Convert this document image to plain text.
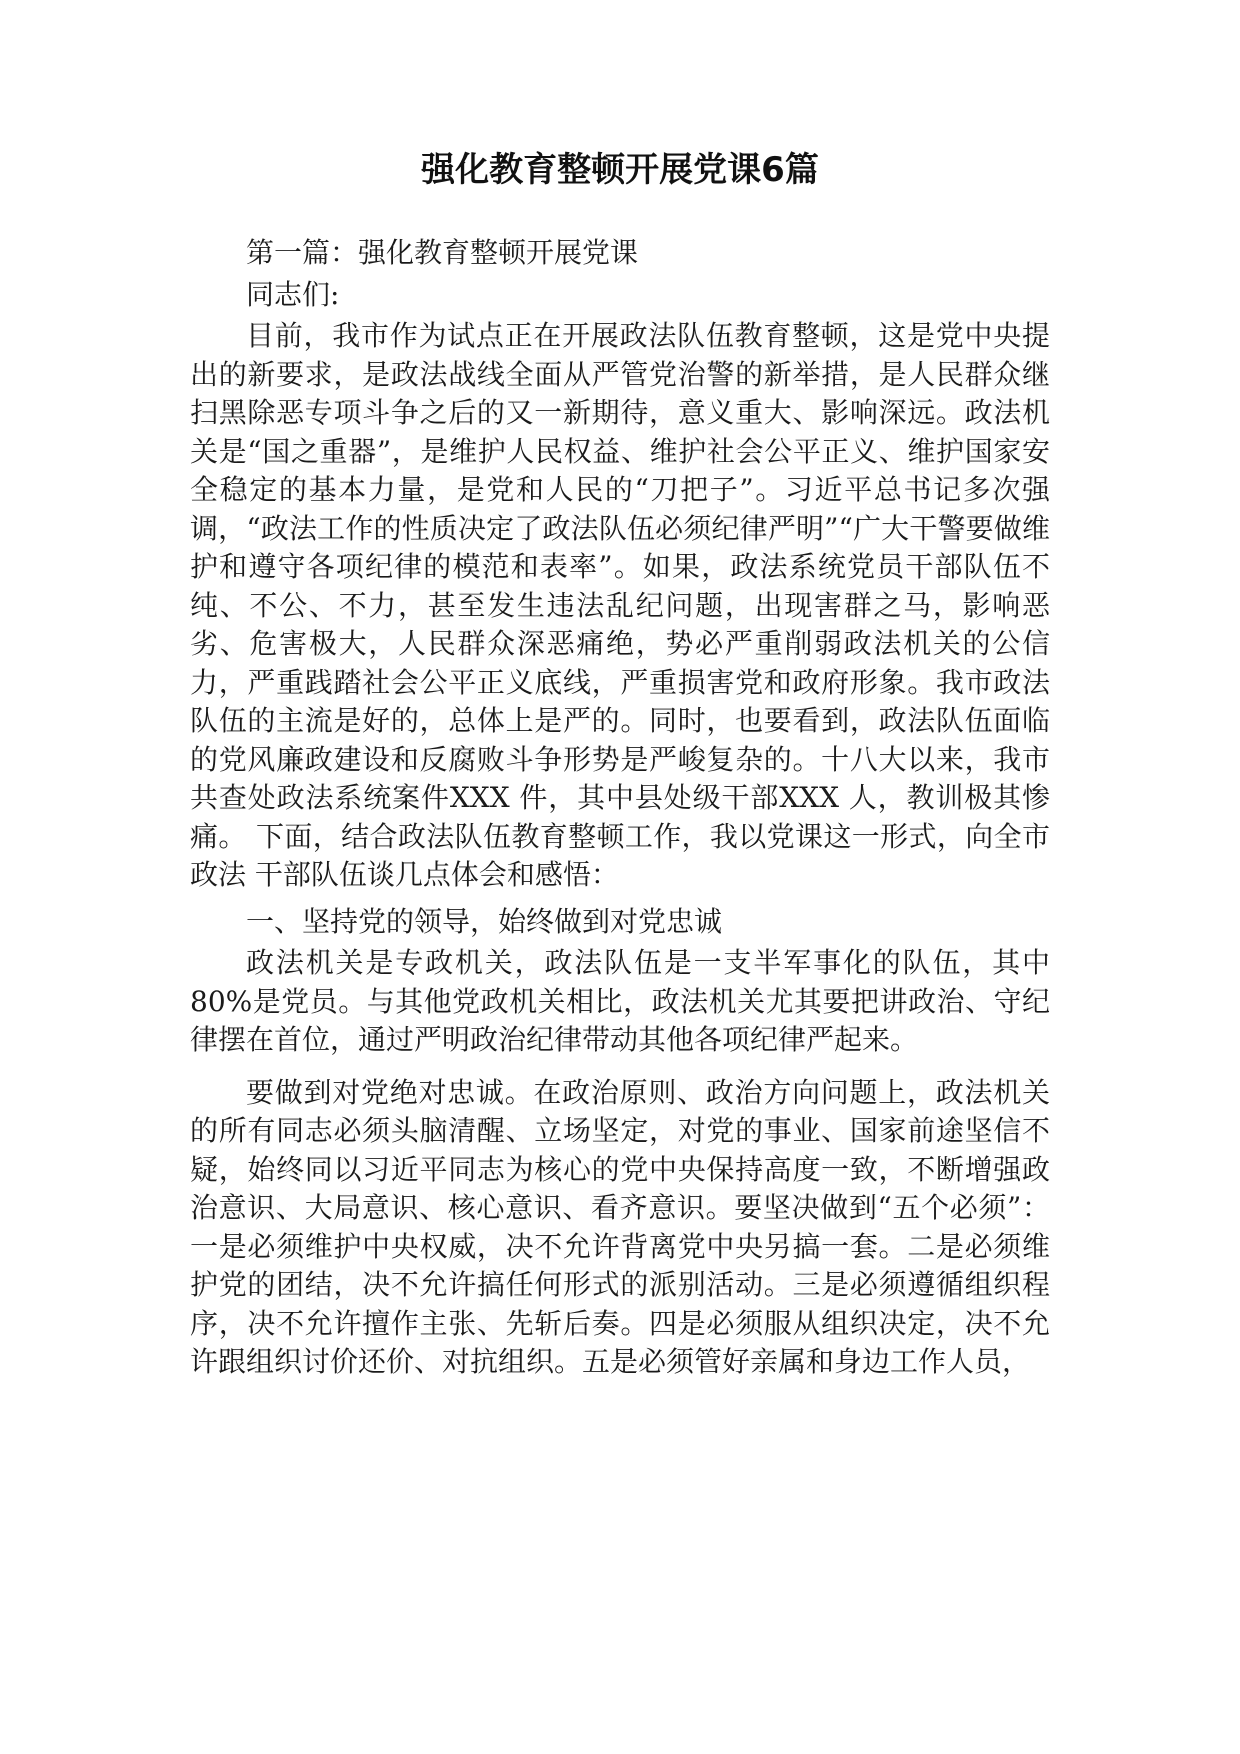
强化教育整顿开展党课6篇

第一篇：强化教育整顿开展党课

同志们:

目前，我市作为试点正在开展政法队伍教育整顿，这是党中央提出的新要求，是政法战线全面从严管党治警的新举措，是人民群众继扫黑除恶专项斗争之后的又一新期待，意义重大、影响深远。政法机关是“国之重器”，是维护人民权益、维护社会公平正义、维护国家安全稳定的基本力量，是党和人民的“刀把子”。习近平总书记多次强调，“政法工作的性质决定了政法队伍必须纪律严明”“广大干警要做维护和遵守各项纪律的模范和表率”。如果，政法系统党员干部队伍不纯、不公、不力，甚至发生违法乱纪问题，出现害群之马，影响恶劣、危害极大，人民群众深恶痛绝，势必严重削弱政法机关的公信力，严重践踏社会公平正义底线，严重损害党和政府形象。我市政法队伍的主流是好的，总体上是严的。同时，也要看到，政法队伍面临的党风廉政建设和反腐败斗争形势是严峻复杂的。十八大以来，我市共查处政法系统案件XXX 件，其中县处级干部XXX 人，教训极其惨痛。 下面，结合政法队伍教育整顿工作，我以党课这一形式，向全市政法 干部队伍谈几点体会和感悟：

一、坚持党的领导，始终做到对党忠诚

政法机关是专政机关，政法队伍是一支半军事化的队伍，其中80%是党员。与其他党政机关相比，政法机关尤其要把讲政治、守纪律摆在首位，通过严明政治纪律带动其他各项纪律严起来。

要做到对党绝对忠诚。在政治原则、政治方向问题上，政法机关的所有同志必须头脑清醒、立场坚定，对党的事业、国家前途坚信不疑，始终同以习近平同志为核心的党中央保持高度一致，不断增强政治意识、大局意识、核心意识、看齐意识。要坚决做到“五个必须”：一是必须维护中央权威，决不允许背离党中央另搞一套。二是必须维护党的团结，决不允许搞任何形式的派别活动。三是必须遵循组织程序，决不允许擅作主张、先斩后奏。四是必须服从组织决定，决不允许跟组织讨价还价、对抗组织。五是必须管好亲属和身边工作人员，
